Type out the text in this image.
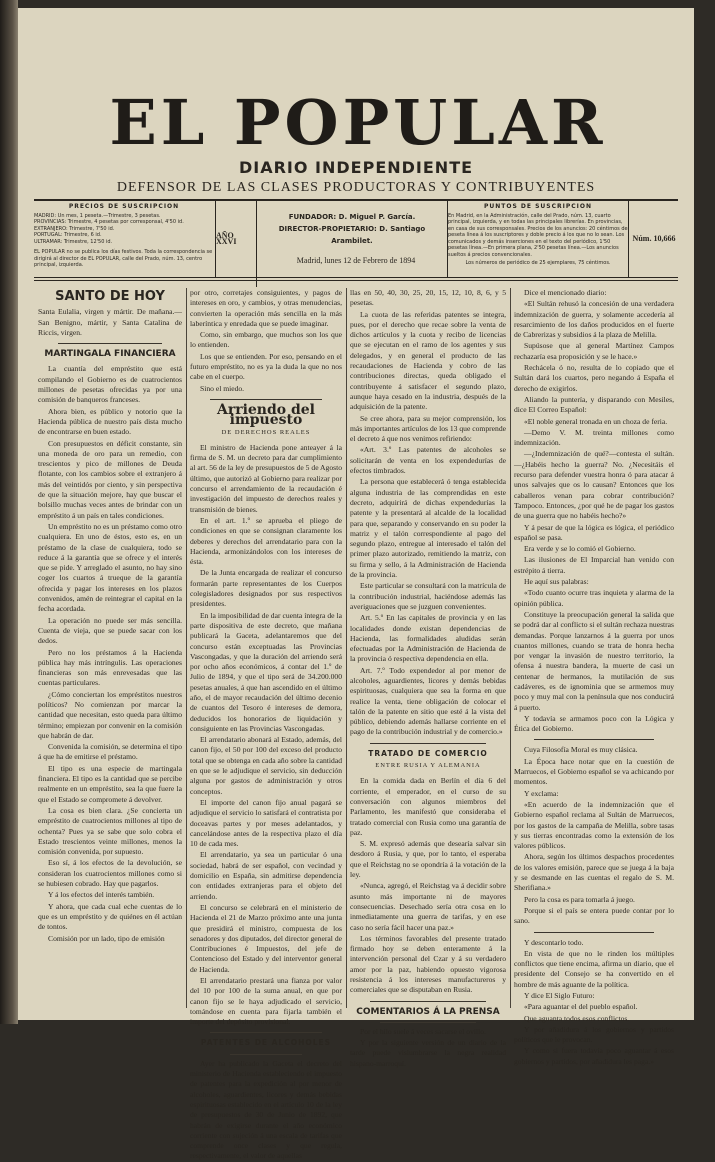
EL POPULAR
DIARIO INDEPENDIENTE
DEFENSOR DE LAS CLASES PRODUCTORAS Y CONTRIBUYENTES
PRECIOS DE SUSCRIPCION
MADRID: Un mes, 1 peseta.—Trimestre, 3 pesetas.
PROVINCIAS: Trimestre, 4 pesetas por corresponsal, 4'50 id.
EXTRANJERO: Trimestre, 7'50 id.
PORTUGAL: Trimestre, 6 id.
ULTRAMAR: Trimestre, 12'50 id.
EL POPULAR no se publica los días festivos. Toda la correspondencia se dirigirá al director de EL POPULAR, calle del Prado, núm. 13, centro principal, izquierda.
AÑO XXVI
FUNDADOR: D. Miguel P. García.
DIRECTOR-PROPIETARIO: D. Santiago Arambilet.
PUNTOS DE SUSCRIPCION
En Madrid, en la Administración, calle del Prado, núm. 13, cuarto principal, izquierda, y en todas las principales librerías. En provincias, en casa de sus corresponsales. Precios de los anuncios: 20 céntimos de peseta línea á los suscriptores y doble precio á los que no lo sean. Los comunicados y demás inserciones en el texto del periódico, 1'50 pesetas línea.—En primera plana, 2'50 pesetas línea.—Los anuncios sueltos á precios convencionales.
Los números de periódico de 25 ejemplares, 75 céntimos.
Núm. 10,666
Madrid, lunes 12 de Febrero de 1894
SANTO DE HOY

Santa Eulalia, virgen y mártir. De mañana.—San Benigno, mártir, y Santa Catalina de Riccis, virgen.

MARTINGALA FINANCIERA

La cuantía del empréstito que está compilando el Gobierno es de cuatrocientos millones de pesetas ofrecidas ya por una comisión de banqueros franceses.

Ahora bien, es público y notorio que la Hacienda pública de nuestro país dista mucho de encontrarse en buen estado.

Con presupuestos en déficit constante, sin una moneda de oro para un remedio, con trescientos y pico de millones de Deuda flotante, con los cambios sobre el extranjero á más del veintidós por ciento, y sin perspectiva de que la situación mejore, hay que buscar el bolsillo muchas veces antes de brindar con un empréstito á un país en tales condiciones.

Un empréstito no es un préstamo como otro cualquiera. En uno de éstos, esto es, en un préstamo de la clase de cualquiera, todo se reduce á la garantía que se ofrece y el interés que se pide. Y arreglado el asunto, no hay sino coger los cuartos á trueque de la garantía ofrecida y pagar los intereses en los plazos convenidos, amén de reintegrar el capital en la fecha acordada.

La operación no puede ser más sencilla. Cuenta de vieja, que se puede sacar con los dedos.

Pero no los préstamos á la Hacienda pública hay más intríngulis. Las operaciones financieras son más enrevesadas que las cuentas particulares.

¿Cómo conciertan los empréstitos nuestros políticos? No comienzan por marcar la cantidad que necesitan, esto queda para último término; empiezan por convenir en la comisión que habrán de dar.

Convenida la comisión, se determina el tipo á que ha de emitirse el préstamo.

El tipo es una especie de martingala financiera. El tipo es la cantidad que se percibe realmente en un empréstito, sea la que fuere la que el Estado se compromete á devolver.

La cosa es bien clara. ¿Se concierta un empréstito de cuatrocientos millones al tipo de ochenta? Pues ya se sabe que solo cobra el Estado trescientos veinte millones, menos la comisión convenida, por supuesto.

Eso sí, á los efectos de la devolución, se consideran los cuatrocientos millones como si se hubiesen cobrado. Hay que pagarlos.

Y á los efectos del interés también.

Y ahora, que cada cual eche cuentas de lo que es un empréstito y de quiénes en él actúan de tontos.

Comisión por un lado, tipo de emisión

por otro, corretajes consiguientes, y pagos de intereses en oro, y cambios, y otras menudencias, convierten la operación más sencilla en la más laberíntica y enredada que se puede imaginar.

Como, sin embargo, que muchos son los que lo entienden.

Los que se entienden. Por eso, pensando en el futuro empréstito, no es ya la duda la que no nos cabe en el cuerpo.

Sino el miedo.

Arriendo del impuesto
DE DERECHOS REALES

El ministro de Hacienda pone anteayer á la firma de S. M. un decreto para dar cumplimiento al art. 56 de la ley de presupuestos de 5 de Agosto último, que autorizó al Gobierno para realizar por concurso el arrendamiento de la recaudación é investigación del impuesto de derechos reales y transmisión de bienes.

En el art. 1.º se aprueba el pliego de condiciones en que se consignan claramente los deberes y derechos del arrendatario para con la Hacienda, armonizándolos con los intereses de ésta.

De la Junta encargada de realizar el concurso formarán parte representantes de los Cuerpos colegisladores designados por sus respectivos presidentes.

En la imposibilidad de dar cuenta íntegra de la parte dispositiva de este decreto, que mañana publicará la Gaceta, adelantaremos que del concurso están exceptuadas las Provincias Vascongadas, y que la duración del arriendo será por ocho años económicos, á contar del 1.º de Julio de 1894, y que el tipo será de 34.200.000 pesetas anuales, á que han ascendido en el último año, el de mayor recaudación del último decenio de cuantos del Tesoro é intereses de demora, deducidos los honorarios de liquidación y consiguiente en las Provincias Vascongadas.

El arrendatario abonará al Estado, además, del canon fijo, el 50 por 100 del exceso del producto total que se obtenga en cada año sobre la cantidad en que se le adjudique el servicio, sin deducción alguna por gastos de administración y otros conceptos.

El importe del canon fijo anual pagará se adjudique el servicio lo satisfará el contratista por doceavas partes y por meses adelantados, y cancelándose antes de la respectiva plazo el día 10 de cada mes.

El arrendatario, ya sea un particular ó una sociedad, habrá de ser español, con vecindad y domicilio en España, sin admitirse dependencia con entidades extranjeras para el objeto del arriendo.

El concurso se celebrará en el ministerio de Hacienda el 21 de Marzo próximo ante una junta que presidirá el ministro, compuesta de los senadores y dos diputados, del director general de Contribuciones é Impuestos, del jefe de Contencioso del Estado y del interventor general de Hacienda.

El arrendatario prestará una fianza por valor del 10 por 100 de la suma anual, en que por canon fijo se le haya adjudicado el servicio, tomándose en cuenta para fijarla también el importe del depósito provisional.

PATENTES DE ALCOHOLES

Ayer ha publicado la Gaceta el decreto del ministerio de Hacienda estableciendo el impuesto de patentes para la expedición al por menor de alcoholes, aguardientes, licores y demás bebidas espirituosas establecido en el artículo 10 de la ley de presupuestos de 30 de Junio de 1892, que habrán de exigirse durante el año económico corriente con sujeción á una escala de tarifas que comprende once clases y que regula, respectivamente, el valor de aquellas

llas en 50, 40, 30, 25, 20, 15, 12, 10, 8, 6, y 5 pesetas.

La cuota de las referidas patentes se integra, pues, por el derecho que recae sobre la venta de dichos artículos y la cuota y recibo de licencias que se ejecutan en el ramo de los agentes y sus delegados, y en general el producto de las recaudaciones de Hacienda y cobro de las contribuciones directas, queda obligado el contribuyente á satisfacer el segundo plazo, aunque haya cesado en la industria, después de la adquisición de la patente.

Se cree ahora, para su mejor comprensión, los más importantes artículos de los 13 que comprende el decreto á que nos venimos refiriendo:

«Art. 3.º Las patentes de alcoholes se solicitarán de venta en los expendedurías de efectos timbrados.

La persona que establecerá ó tenga establecida alguna industria de las comprendidas en este decreto, adquirirá de dichas expendedurías la patente y la presentará al alcalde de la localidad para que, separando y conservando en su poder la matriz y el talón correspondiente al pago del segundo plazo, entregue al interesado el talón del primer plazo autorizado, remitiendo la matriz, con su firma y sello, á la Administración de Hacienda de la provincia.

Este particular se consultará con la matrícula de la contribución industrial, haciéndose además las averiguaciones que se juzguen convenientes.

Art. 5.º En las capitales de provincia y en las localidades donde existan dependencias de Hacienda, las formalidades aludidas serán efectuadas por la Administración de Hacienda de la provincia ó respectiva dependencia en ella.

Art. 7.º Todo expendedor al por menor de alcoholes, aguardientes, licores y demás bebidas espirituosas, cualquiera que sea la forma en que realice la venta, tiene obligación de colocar el talón de la patente en sitio que esté á la vista del público, debiendo además hallarse corriente en el pago de la contribución industrial y de comercio.»

TRATADO DE COMERCIO
ENTRE RUSIA Y ALEMANIA

En la comida dada en Berlín el día 6 del corriente, el emperador, en el curso de su conversación con algunos miembros del Parlamento, les manifestó que consideraba el tratado comercial con Rusia como una garantía de paz.

S. M. expresó además que desearía salvar sin desdoro á Rusia, y que, por lo tanto, el esperaba que el Reichstag no se opondría á la votación de la ley.

«Nunca, agregó, el Reichstag va á decidir sobre asunto más importante ni de mayores consecuencias. Desechado sería otra cosa en lo inmediatamente una guerra de tarifas, y en ese caso no sería fácil hacer una paz.»

Los términos favorables del presente tratado firmado hoy se deben enteramente á la intervención personal del Czar y á su verdadero amor por la paz, habiendo opuesto vigorosa resistencia á los intereses manufactureros y comerciales que se disputaban en Rusia.

COMENTARIOS Á LA PRENSA

Por el hilo suele á veces sacarse el ovillo.

Y por la siguiente versión de un diario de la tarde puede vislumbrarse la negra realidad hispano-marroquí.

Dice el mencionado diario:

«El Sultán rehusó la concesión de una verdadera indemnización de guerra, y solamente accedería al resarcimiento de los daños producidos en el fuerte de Cabrerizas y subsidios á la plaza de Melilla.

Supúsose que al general Martínez Campos rechazaría esa proposición y se le hace.»

Rechácela ó no, resulta de lo copiado que el Sultán dará los cuartos, pero negando á España el derecho de exigirlos.

Aliando la puntería, y disparando con Mesiles, dice El Correo Español:

«El noble general tronada en un choza de feria.

—Demo V. M. treinta millones como indemnización.

—¿Indemnización de qué?—contesta el sultán.—¿Habéis hecho la guerra? No. ¿Necesitáis el recurso para defender vuestra honra ó para atacar á unos salvajes que os lo causan? Entonces que los caballeros venan para cobrar contribución? Tampoco. Entonces, ¿por qué he de pagar los gastos de una guerra que no habéis hecho?»

Y á pesar de que la lógica es lógica, el periódico español se pasa.

Era verde y se lo comió el Gobierno.

Las ilusiones de El Imparcial han venido con estrépito á tierra.

He aquí sus palabras:

«Todo cuanto ocurre tras inquieta y alarma de la opinión pública.

Constituye la preocupación general la salida que se podrá dar al conflicto si el sultán rechaza nuestras demandas. Porque lanzarnos á la guerra por unos cuantos millones, cuando se trata de honra hecha por vengar la invasión de nuestro territorio, la ofensa á nuestra bandera, la muerte de casi un centenar de hermanos, la mutilación de sus cadáveres, es de ignominia que se armemos muy poco y muy mal con la península que nos conducirá á puerto.

Y todavía se armamos poco con la Lógica y Ética del Gobierno.

Cuya Filosofía Moral es muy clásica.

La Época hace notar que en la cuestión de Marruecos, el Gobierno español se va achicando por momentos.

Y exclama:

«En acuerdo de la indemnización que el Gobierno español reclama al Sultán de Marruecos, por los gastos de la campaña de Melilla, sobre tasas y sus tierras encontradas como la extensión de los valores públicos.

Ahora, según los últimos despachos procedentes de los valores emisión, parece que se juega á la baja y se desmande en las cuentas el regalo de S. M. Sherifiana.»

Pero la cosa es para tomarla á juego.

Porque si el país se entera puede contar por lo sano.

Y descontarlo todo.

En vista de que no le rinden los múltiples conflictos que tiene encima, afirma un diario, que el presidente del Consejo se ha convertido en el hombre de más aguante de la política.

Y dice El Siglo Futuro:

«Para aguantar el del pueblo español.

Que aguanta todos esos conflictos.

Y por añadidura á los gobiernos y partidos políticos que le provocan.

Y como si fuera todavía poco aguantar á esos gobiernos y partidos, por añadidura les paga.»
